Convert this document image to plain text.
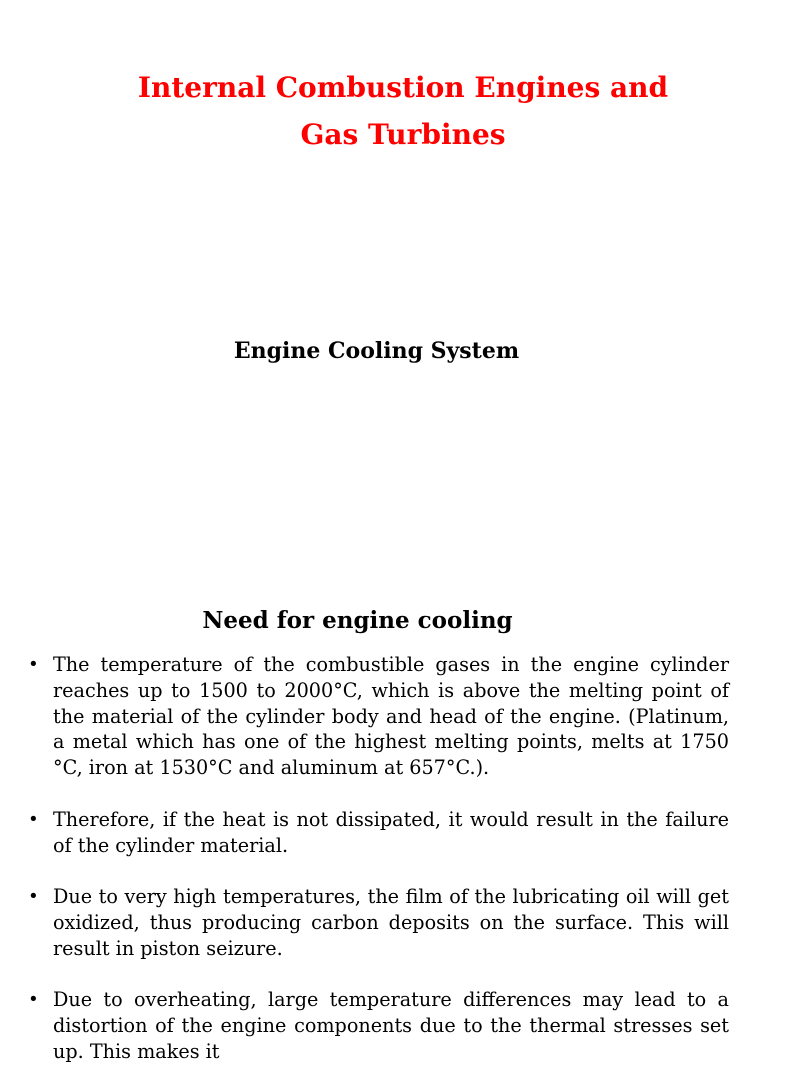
Internal Combustion Engines and
Gas Turbines
Engine Cooling System
Need for engine cooling
• The temperature of the combustible gases in the engine cylinder reaches up to 1500 to 2000°C, which is above the melting point of the material of the cylinder body and head of the engine. (Platinum, a metal which has one of the highest melting points, melts at 1750 °C, iron at 1530°C and aluminum at 657°C.).
• Therefore, if the heat is not dissipated, it would result in the failure of the cylinder material.
• Due to very high temperatures, the film of the lubricating oil will get oxidized, thus producing carbon deposits on the surface. This will result in piston seizure.
• Due to overheating, large temperature differences may lead to a distortion of the engine components due to the thermal stresses set up. This makes it
